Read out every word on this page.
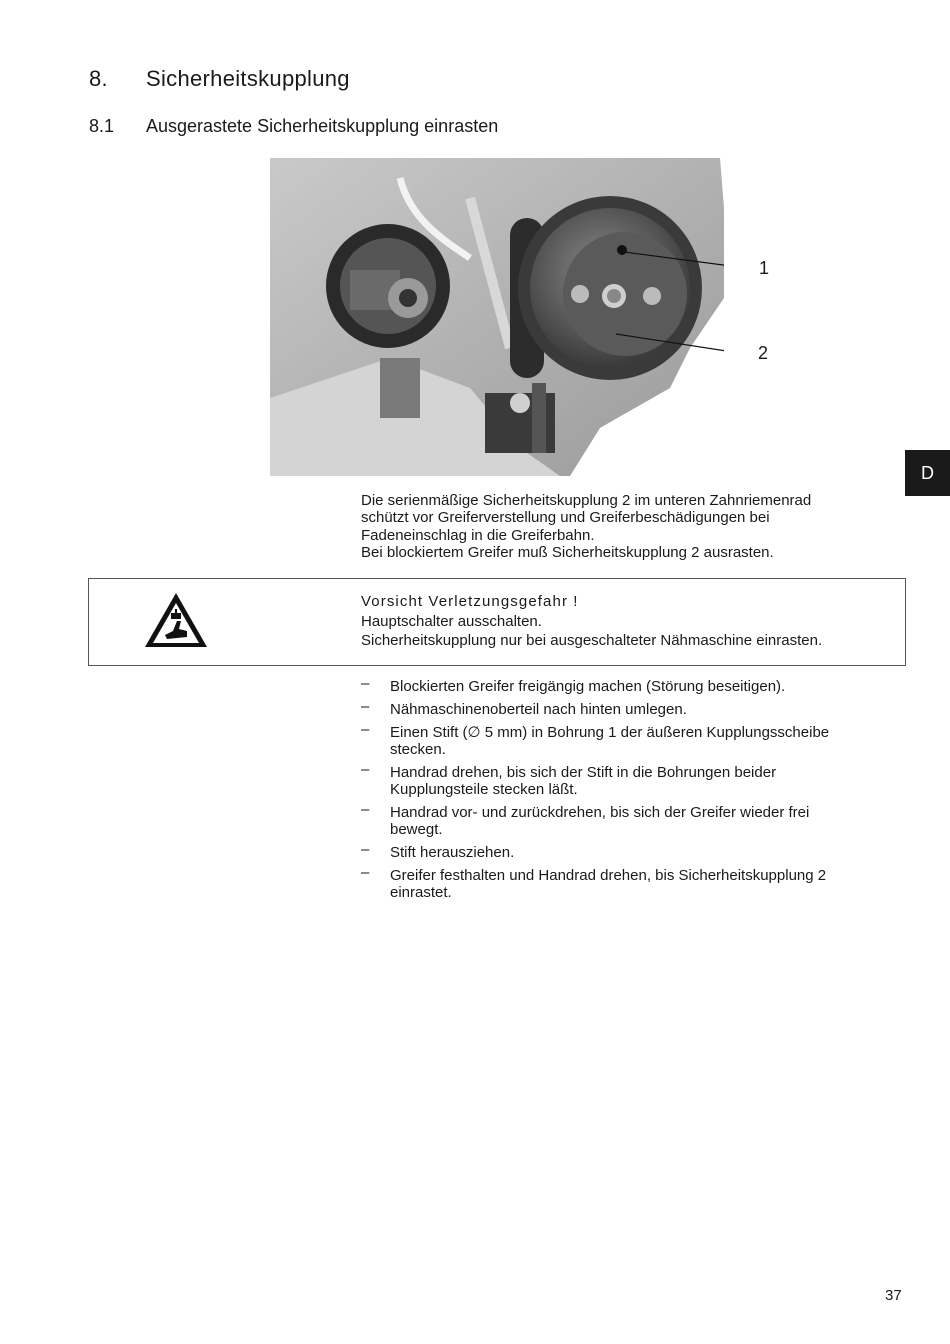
8. Sicherheitskupplung
8.1 Ausgerastete Sicherheitskupplung einrasten
1
2
D
Die serienmäßige Sicherheitskupplung 2 im unteren Zahnriemenrad
schützt vor Greiferverstellung und Greiferbeschädigungen bei
Fadeneinschlag in die Greiferbahn.
Bei blockiertem Greifer muß Sicherheitskupplung 2 ausrasten.
Vorsicht Verletzungsgefahr !
Hauptschalter ausschalten.
Sicherheitskupplung nur bei ausgeschalteter Nähmaschine einrasten.
– Blockierten Greifer freigängig machen (Störung beseitigen).
– Nähmaschinenoberteil nach hinten umlegen.
– Einen Stift (∅ 5 mm) in Bohrung 1 der äußeren Kupplungsscheibe
stecken.
– Handrad drehen, bis sich der Stift in die Bohrungen beider
Kupplungsteile stecken läßt.
– Handrad vor- und zurückdrehen, bis sich der Greifer wieder frei
bewegt.
– Stift herausziehen.
– Greifer festhalten und Handrad drehen, bis Sicherheitskupplung 2
einrastet.
37
